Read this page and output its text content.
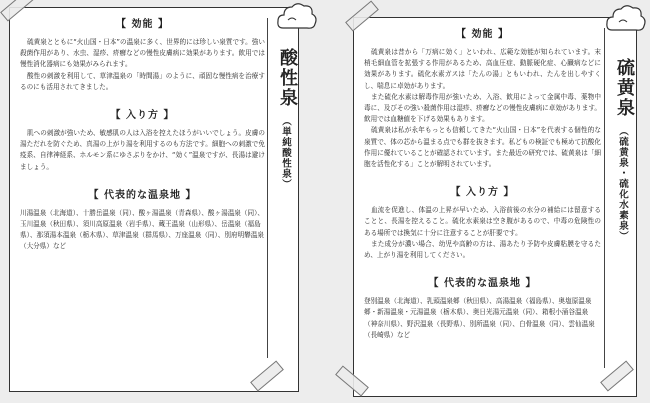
【 効能 】

硫黄泉とともに“火山国・日本”の温泉に多く、世界的には珍しい泉質です。強い殺菌作用があり、水虫、湿疹、疥癬などの慢性皮膚病に効果があります。飲用では慢性消化器病にも効果がみられます。

酸性の刺激を利用して、草津温泉の「時間湯」のように、頑固な慢性病を治療するのにも活用されてきました。

【 入り方 】

肌への刺激が強いため、敏感肌の人は入浴を控えたほうがいいでしょう。皮膚の湯ただれを防ぐため、真湯の上がり湯を利用するのも方法です。細胞への刺激で免疫系、自律神経系、ホルモン系にゆさぶりをかけ、“効く”温泉ですが、長湯は避けましょう。

【 代表的な温泉地 】

川湯温泉（北海道）、十勝岳温泉（同）、酸ヶ湯温泉（青森県）、酸ヶ湯温泉（同）、玉川温泉（秋田県）、須川高原温泉（岩手県）、蔵王温泉（山形県）、岳温泉（福島県）、那須湯本温泉（栃木県）、草津温泉（群馬県）、万座温泉（同）、別府明礬温泉（大分県）など

酸性泉
（単純酸性泉）
【 効能 】

硫黄泉は昔から「万病に効く」といわれ、広範な効能が知られています。末梢毛細血管を拡張する作用があるため、高血圧症、動脈硬化症、心臓病などに効果があります。硫化水素ガスは「たんの湯」ともいわれ、たんを出しやすくし、喘息に卓効があります。

また硫化水素は解毒作用が強いため、入浴、飲用によって金属中毒、薬物中毒に、及びその強い殺菌作用は湿疹、疥癬などの慢性皮膚病に卓効があります。飲用では血糖値を下げる効果もあります。

硫黄泉は私が永年もっとも信頼してきた“火山国・日本”を代表する個性的な泉質で、体の芯から温まる点でも群を抜きます。私どもの検証でも極めて抗酸化作用に優れていることが確認されています。また最近の研究では、硫黄泉は「細胞を活性化する」ことが解明されています。

【 入り方 】

血流を促進し、体温の上昇が早いため、入浴前後の水分の補給には留意することと、長湯を控えること。硫化水素泉は空き腹があるので、中毒の危険性のある場所では換気に十分に注意することが肝要です。

また成分が濃い場合、幼児や高齢の方は、湯あたり予防や皮膚粘膜を守るため、上がり湯を利用してください。

【 代表的な温泉地 】

登別温泉（北海道）、乳頭温泉郷（秋田県）、高湯温泉（福島県）、奥塩原温泉郷・新湯温泉・元湯温泉（栃木県）、奥日光湯元温泉（同）、箱根小涌谷温泉（神奈川県）、野沢温泉（長野県）、別所温泉（同）、白骨温泉（同）、雲仙温泉（長崎県）など

硫黄泉
（硫黄泉・硫化水素泉）
